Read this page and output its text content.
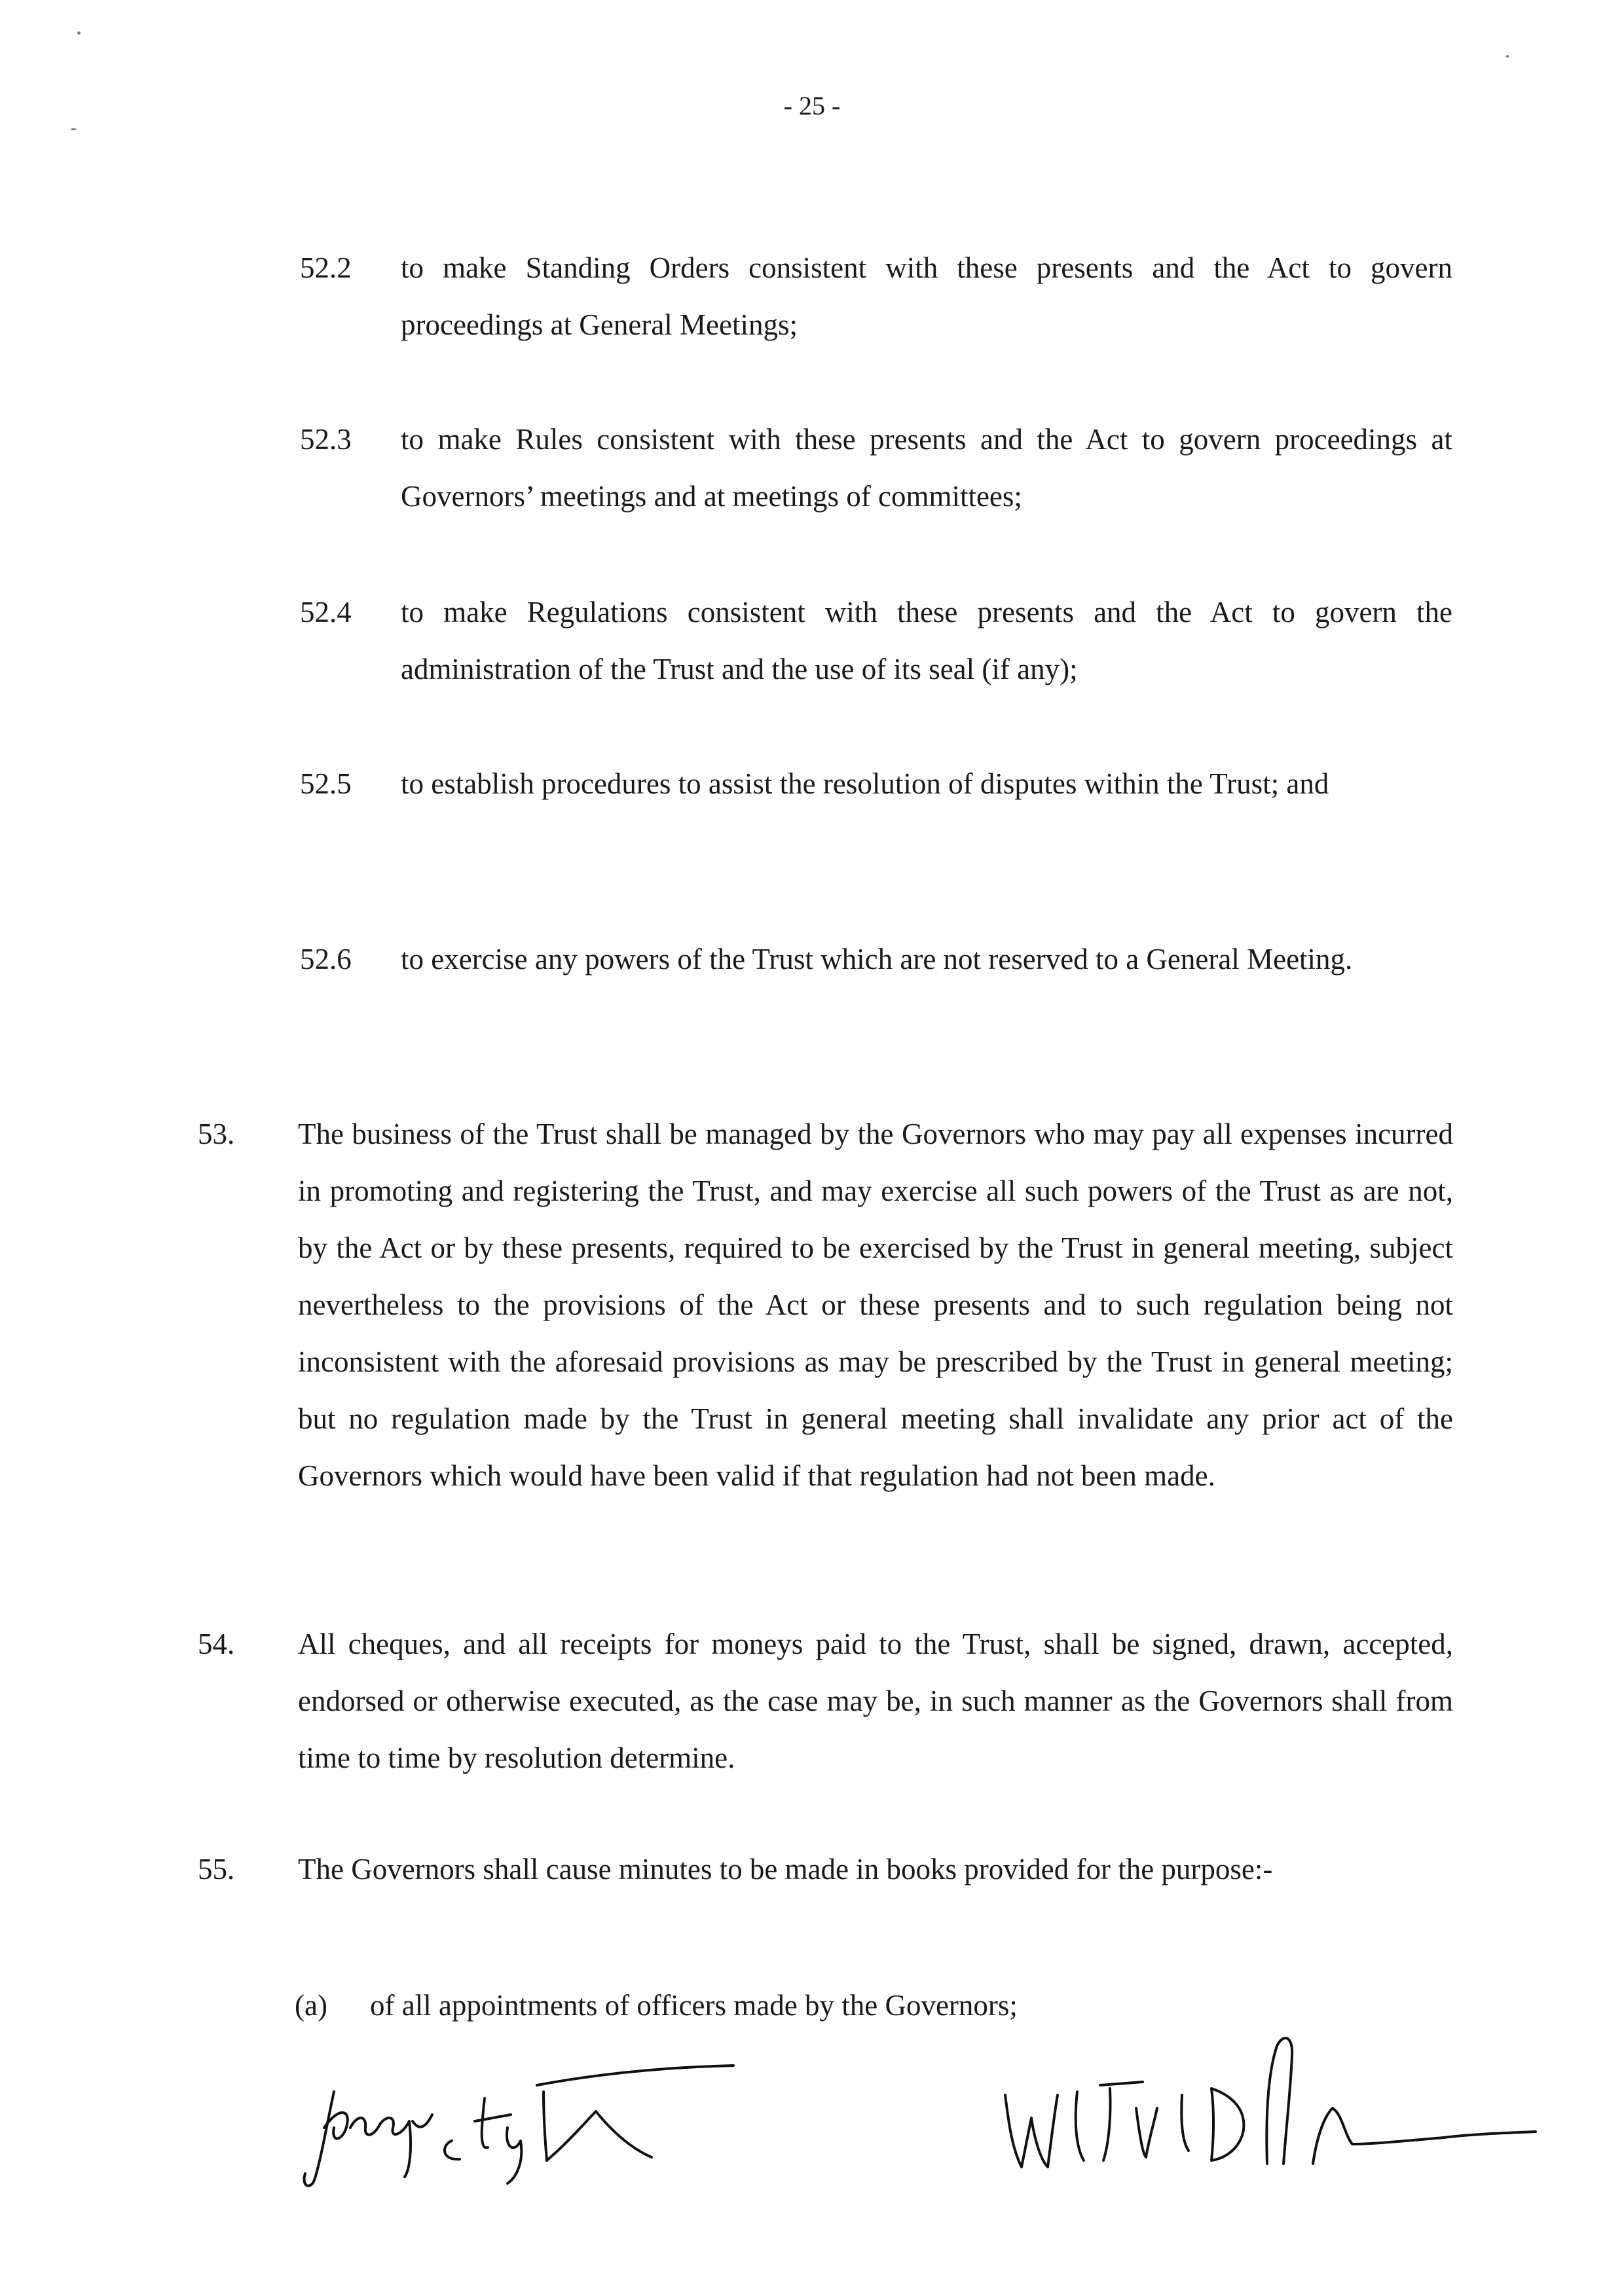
- 25 -
52.2 to make Standing Orders consistent with these presents and the Act to govern proceedings at General Meetings;
52.3 to make Rules consistent with these presents and the Act to govern proceedings at Governors’ meetings and at meetings of committees;
52.4 to make Regulations consistent with these presents and the Act to govern the administration of the Trust and the use of its seal (if any);
52.5 to establish procedures to assist the resolution of disputes within the Trust; and
52.6 to exercise any powers of the Trust which are not reserved to a General Meeting.
53. The business of the Trust shall be managed by the Governors who may pay all expenses incurred in promoting and registering the Trust, and may exercise all such powers of the Trust as are not, by the Act or by these presents, required to be exercised by the Trust in general meeting, subject nevertheless to the provisions of the Act or these presents and to such regulation being not inconsistent with the aforesaid provisions as may be prescribed by the Trust in general meeting; but no regulation made by the Trust in general meeting shall invalidate any prior act of the Governors which would have been valid if that regulation had not been made.
54. All cheques, and all receipts for moneys paid to the Trust, shall be signed, drawn, accepted, endorsed or otherwise executed, as the case may be, in such manner as the Governors shall from time to time by resolution determine.
55. The Governors shall cause minutes to be made in books provided for the purpose:-
(a) of all appointments of officers made by the Governors;
